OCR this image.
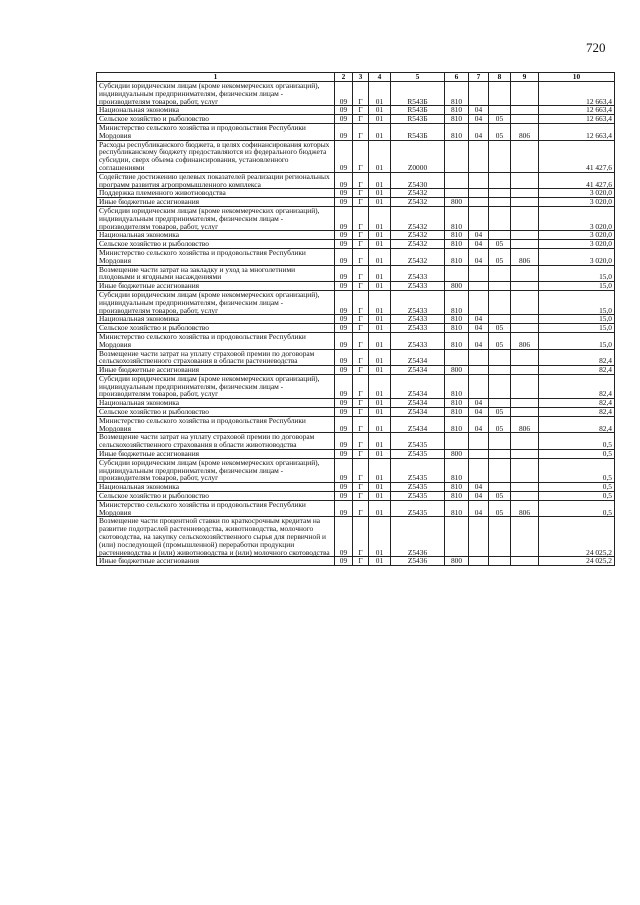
720
1	2	3	4	5	6	7	8	9	10
Субсидии юридическим лицам (кроме некоммерческих организаций), индивидуальным предпринимателям, физическим лицам - производителям товаров, работ, услуг	09	Г	01	R543Б	810				12 663,4
Национальная экономика	09	Г	01	R543Б	810	04			12 663,4
Сельское хозяйство и рыболовство	09	Г	01	R543Б	810	04	05		12 663,4
Министерство сельского хозяйства и продовольствия Республики Мордовия	09	Г	01	R543Б	810	04	05	806	12 663,4
Расходы республиканского бюджета, в целях софинансирования которых республиканскому бюджету предоставляются из федерального бюджета субсидии, сверх объема софинансирования, установленного соглашениями	09	Г	01	Z0000					41 427,6
Содействие достижению целевых показателей реализации региональных программ развития агропромышленного комплекса	09	Г	01	Z5430					41 427,6
Поддержка племенного животноводства	09	Г	01	Z5432					3 020,0
Иные бюджетные ассигнования	09	Г	01	Z5432	800				3 020,0
Субсидии юридическим лицам (кроме некоммерческих организаций), индивидуальным предпринимателям, физическим лицам - производителям товаров, работ, услуг	09	Г	01	Z5432	810				3 020,0
Национальная экономика	09	Г	01	Z5432	810	04			3 020,0
Сельское хозяйство и рыболовство	09	Г	01	Z5432	810	04	05		3 020,0
Министерство сельского хозяйства и продовольствия Республики Мордовия	09	Г	01	Z5432	810	04	05	806	3 020,0
Возмещение части затрат на закладку и уход за многолетними плодовыми и ягодными насаждениями	09	Г	01	Z5433					15,0
Иные бюджетные ассигнования	09	Г	01	Z5433	800				15,0
Субсидии юридическим лицам (кроме некоммерческих организаций), индивидуальным предпринимателям, физическим лицам - производителям товаров, работ, услуг	09	Г	01	Z5433	810				15,0
Национальная экономика	09	Г	01	Z5433	810	04			15,0
Сельское хозяйство и рыболовство	09	Г	01	Z5433	810	04	05		15,0
Министерство сельского хозяйства и продовольствия Республики Мордовия	09	Г	01	Z5433	810	04	05	806	15,0
Возмещение части затрат на уплату страховой премии по договорам сельскохозяйственного страхования в области растениеводства	09	Г	01	Z5434					82,4
Иные бюджетные ассигнования	09	Г	01	Z5434	800				82,4
Субсидии юридическим лицам (кроме некоммерческих организаций), индивидуальным предпринимателям, физическим лицам - производителям товаров, работ, услуг	09	Г	01	Z5434	810				82,4
Национальная экономика	09	Г	01	Z5434	810	04			82,4
Сельское хозяйство и рыболовство	09	Г	01	Z5434	810	04	05		82,4
Министерство сельского хозяйства и продовольствия Республики Мордовия	09	Г	01	Z5434	810	04	05	806	82,4
Возмещение части затрат на уплату страховой премии по договорам сельскохозяйственного страхования в области животноводства	09	Г	01	Z5435					0,5
Иные бюджетные ассигнования	09	Г	01	Z5435	800				0,5
Субсидии юридическим лицам (кроме некоммерческих организаций), индивидуальным предпринимателям, физическим лицам - производителям товаров, работ, услуг	09	Г	01	Z5435	810				0,5
Национальная экономика	09	Г	01	Z5435	810	04			0,5
Сельское хозяйство и рыболовство	09	Г	01	Z5435	810	04	05		0,5
Министерство сельского хозяйства и продовольствия Республики Мордовия	09	Г	01	Z5435	810	04	05	806	0,5
Возмещение части процентной ставки по краткосрочным кредитам на развитие подотраслей растениеводства, животноводства, молочного скотоводства, на закупку сельскохозяйственного сырья для первичной и (или) последующей (промышленной) переработки продукции растениеводства и (или) животноводства и (или) молочного скотоводства	09	Г	01	Z5436					24 025,2
Иные бюджетные ассигнования	09	Г	01	Z5436	800				24 025,2
